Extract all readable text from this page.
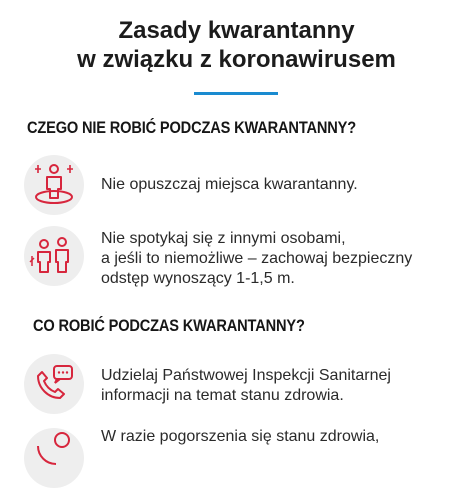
Zasady kwarantanny
w związku z koronawirusem
CZEGO NIE ROBIĆ PODCZAS KWARANTANNY?
Nie opuszczaj miejsca kwarantanny.
Nie spotykaj się z innymi osobami,
a jeśli to niemożliwe – zachowaj bezpieczny
odstęp wynoszący 1-1,5 m.
CO ROBIĆ PODCZAS KWARANTANNY?
Udzielaj Państwowej Inspekcji Sanitarnej
informacji na temat stanu zdrowia.
W razie pogorszenia się stanu zdrowia,
